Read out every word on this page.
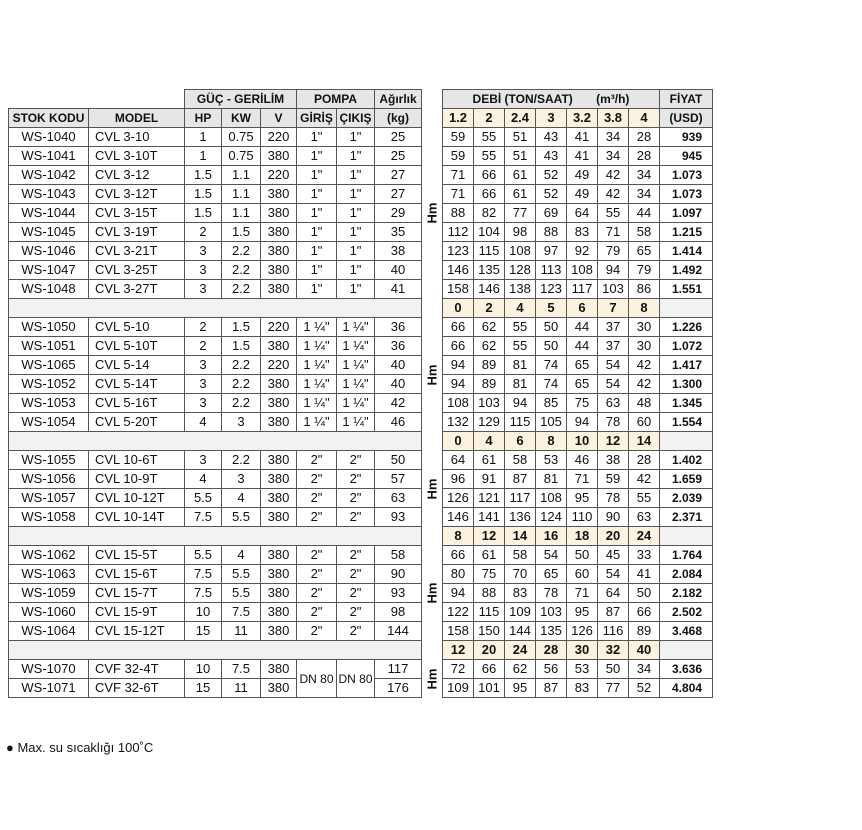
		GÜÇ - GERİLİM			POMPA		Ağırlık		DEBİ (TON/SAAT) (m³/h)							FİYAT
STOK KODU	MODEL	HP	KW	V	GİRİŞ	ÇIKIŞ	(kg)		1.2	2	2.4	3	3.2	3.8	4	(USD)
WS-1040	CVL 3-10	1	0.75	220	1"	1"	25	Hm	59	55	51	43	41	34	28	939
WS-1041	CVL 3-10T	1	0.75	380	1"	1"	25		59	55	51	43	41	34	28	945
WS-1042	CVL 3-12	1.5	1.1	220	1"	1"	27		71	66	61	52	49	42	34	1.073
WS-1043	CVL 3-12T	1.5	1.1	380	1"	1"	27		71	66	61	52	49	42	34	1.073
WS-1044	CVL 3-15T	1.5	1.1	380	1"	1"	29		88	82	77	69	64	55	44	1.097
WS-1045	CVL 3-19T	2	1.5	380	1"	1"	35		112	104	98	88	83	71	58	1.215
WS-1046	CVL 3-21T	3	2.2	380	1"	1"	38		123	115	108	97	92	79	65	1.414
WS-1047	CVL 3-25T	3	2.2	380	1"	1"	40		146	135	128	113	108	94	79	1.492
WS-1048	CVL 3-27T	3	2.2	380	1"	1"	41		158	146	138	123	117	103	86	1.551
									0	2	4	5	6	7	8	
WS-1050	CVL 5-10	2	1.5	220	1 ¼"	1 ¼"	36	Hm	66	62	55	50	44	37	30	1.226
WS-1051	CVL 5-10T	2	1.5	380	1 ¼"	1 ¼"	36		66	62	55	50	44	37	30	1.072
WS-1065	CVL 5-14	3	2.2	220	1 ¼"	1 ¼"	40		94	89	81	74	65	54	42	1.417
WS-1052	CVL 5-14T	3	2.2	380	1 ¼"	1 ¼"	40		94	89	81	74	65	54	42	1.300
WS-1053	CVL 5-16T	3	2.2	380	1 ¼"	1 ¼"	42		108	103	94	85	75	63	48	1.345
WS-1054	CVL 5-20T	4	3	380	1 ¼"	1 ¼"	46		132	129	115	105	94	78	60	1.554
									0	4	6	8	10	12	14	
WS-1055	CVL 10-6T	3	2.2	380	2"	2"	50	Hm	64	61	58	53	46	38	28	1.402
WS-1056	CVL 10-9T	4	3	380	2"	2"	57		96	91	87	81	71	59	42	1.659
WS-1057	CVL 10-12T	5.5	4	380	2"	2"	63		126	121	117	108	95	78	55	2.039
WS-1058	CVL 10-14T	7.5	5.5	380	2"	2"	93		146	141	136	124	110	90	63	2.371
									8	12	14	16	18	20	24	
WS-1062	CVL 15-5T	5.5	4	380	2"	2"	58	Hm	66	61	58	54	50	45	33	1.764
WS-1063	CVL 15-6T	7.5	5.5	380	2"	2"	90		80	75	70	65	60	54	41	2.084
WS-1059	CVL 15-7T	7.5	5.5	380	2"	2"	93		94	88	83	78	71	64	50	2.182
WS-1060	CVL 15-9T	10	7.5	380	2"	2"	98		122	115	109	103	95	87	66	2.502
WS-1064	CVL 15-12T	15	11	380	2"	2"	144		158	150	144	135	126	116	89	3.468
									12	20	24	28	30	32	40	
WS-1070	CVF 32-4T	10	7.5	380	DN 80	DN 80	117	Hm	72	66	62	56	53	50	34	3.636
WS-1071	CVF 32-6T	15	11	380			176		109	101	95	87	83	77	52	4.804
● Max. su sıcaklığı 100˚C
